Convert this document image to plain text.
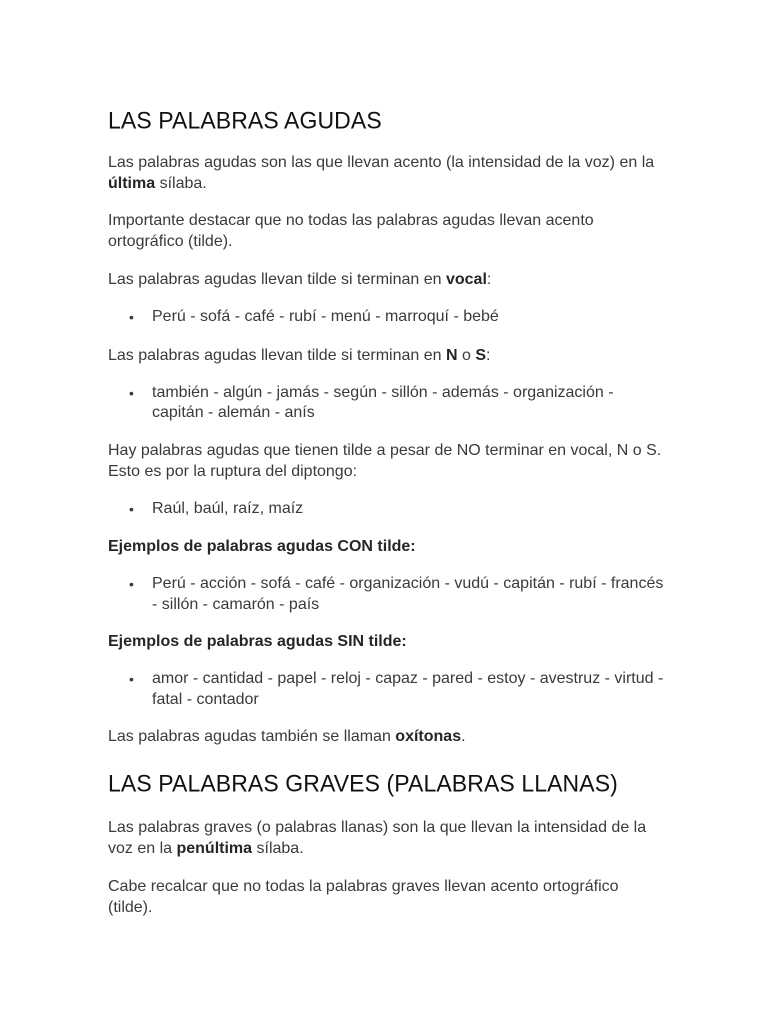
LAS PALABRAS AGUDAS

Las palabras agudas son las que llevan acento (la intensidad de la voz) en la última sílaba.

Importante destacar que no todas las palabras agudas llevan acento ortográfico (tilde).

Las palabras agudas llevan tilde si terminan en vocal:

• Perú - sofá - café - rubí - menú - marroquí - bebé

Las palabras agudas llevan tilde si terminan en N o S:

• también - algún - jamás - según - sillón - además - organización - capitán - alemán - anís

Hay palabras agudas que tienen tilde a pesar de NO terminar en vocal, N o S. Esto es por la ruptura del diptongo:

• Raúl, baúl, raíz, maíz

Ejemplos de palabras agudas CON tilde:

• Perú - acción - sofá - café - organización - vudú - capitán - rubí - francés - sillón - camarón - país

Ejemplos de palabras agudas SIN tilde:

• amor - cantidad - papel - reloj - capaz - pared - estoy - avestruz - virtud - fatal - contador

Las palabras agudas también se llaman oxítonas.

LAS PALABRAS GRAVES (PALABRAS LLANAS)

Las palabras graves (o palabras llanas) son la que llevan la intensidad de la voz en la penúltima sílaba.

Cabe recalcar que no todas la palabras graves llevan acento ortográfico (tilde).
